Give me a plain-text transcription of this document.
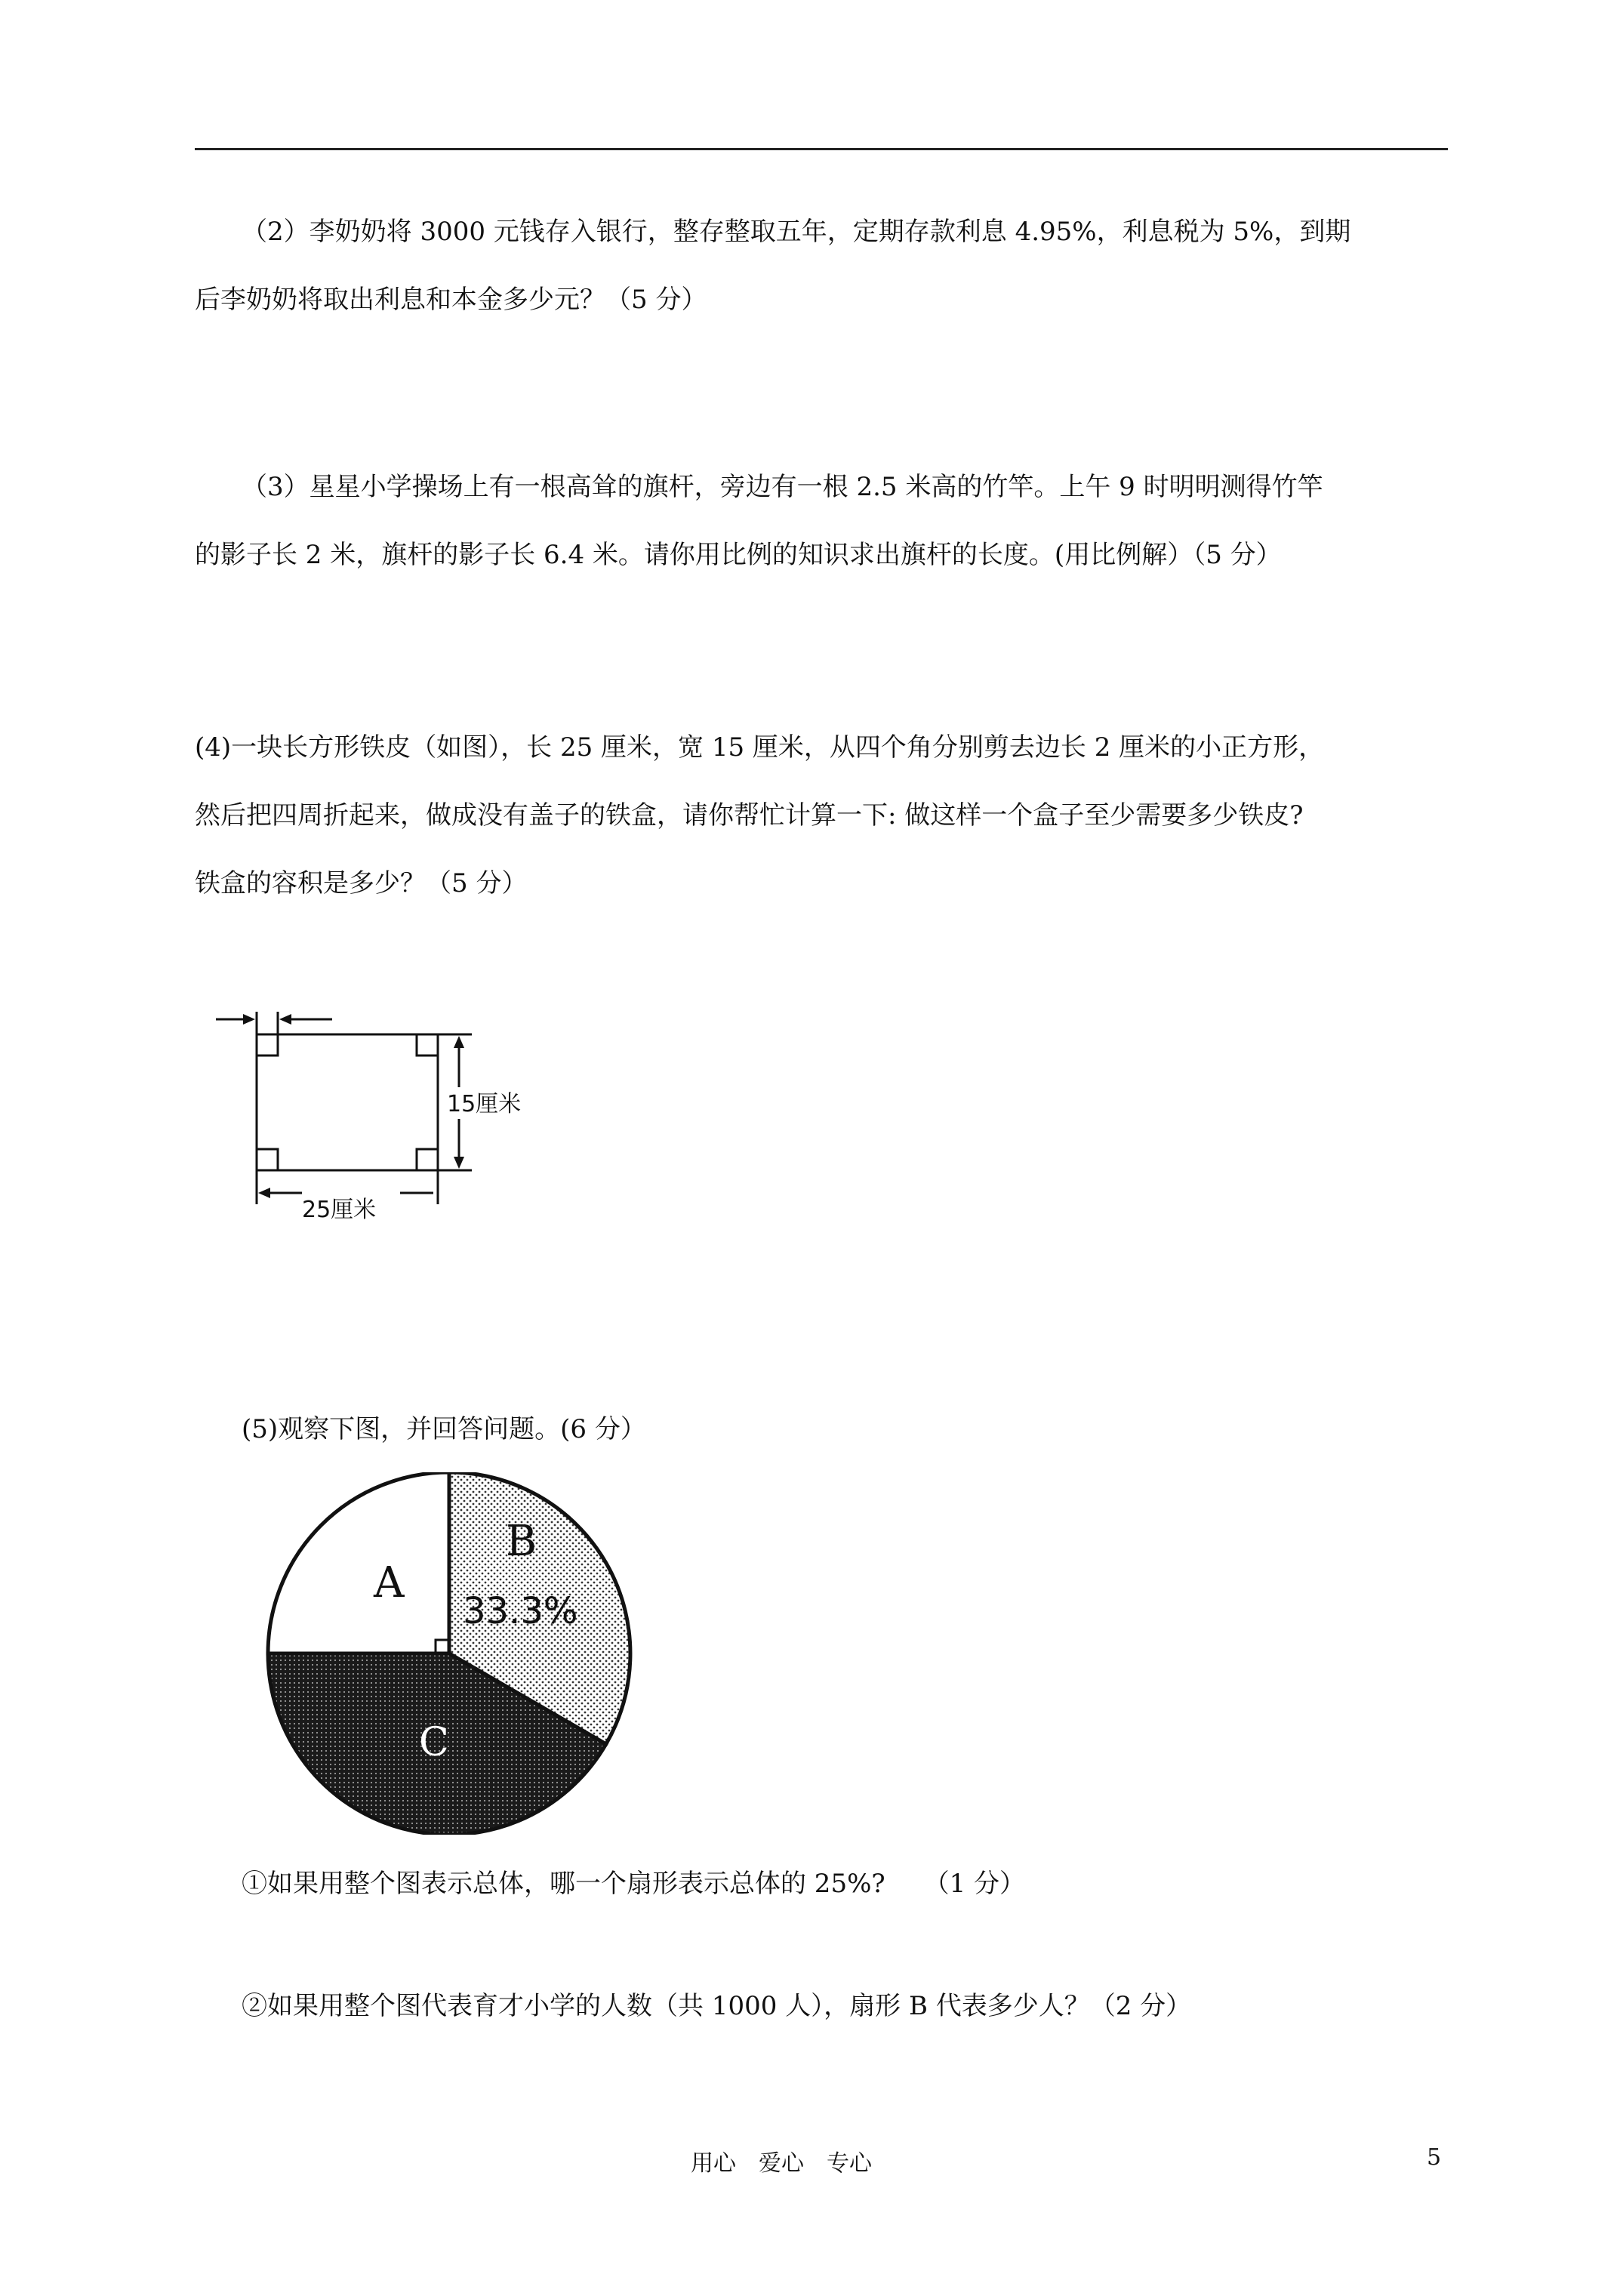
（2）李奶奶将 3000 元钱存入银行，整存整取五年，定期存款利息 4.95%，利息税为 5%，到期
后李奶奶将取出利息和本金多少元？（5 分）

（3）星星小学操场上有一根高耸的旗杆，旁边有一根 2.5 米高的竹竿。上午 9 时明明测得竹竿
的影子长 2 米，旗杆的影子长 6.4 米。请你用比例的知识求出旗杆的长度。(用比例解）（5 分）

(4)一块长方形铁皮（如图），长 25 厘米，宽 15 厘米，从四个角分别剪去边长 2 厘米的小正方形，
然后把四周折起来，做成没有盖子的铁盒，请你帮忙计算一下: 做这样一个盒子至少需要多少铁皮?
铁盒的容积是多少？（5 分）

15厘米
25厘米

(5)观察下图，并回答问题。(6 分）

A
B
33.3%
C

①如果用整个图表示总体，哪一个扇形表示总体的 25%?　　（1 分）

②如果用整个图代表育才小学的人数（共 1000 人），扇形 B 代表多少人？（2 分）

用心　爱心　专心	5
